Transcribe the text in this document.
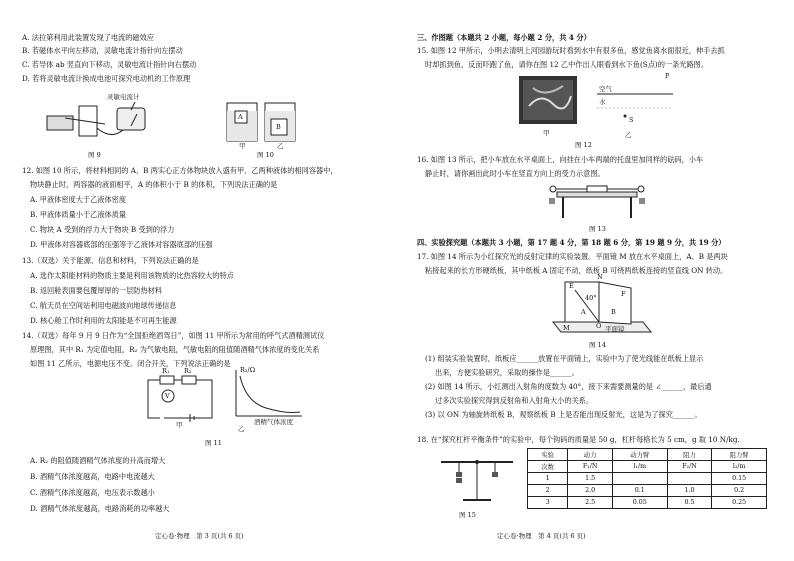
A. 法拉第利用此装置发现了电流的磁效应
B. 若磁体水平向左移动，灵敏电流计指针向左摆动
C. 若导体 ab 竖直向下移动，灵敏电流计指针向右摆动
D. 若将灵敏电流计换成电池可探究电动机的工作原理
灵敏电流计
图 9
A
B
甲	乙
图 10
12. 如图 10 所示，将材料相同的 A、B 两实心正方体物块放入盛有甲、乙两种液体的相同容器中，
物块静止时，两容器的液面相平，A 的体积小于 B 的体积，下列说法正确的是
A. 甲液体密度大于乙液体密度
B. 甲液体质量小于乙液体质量
C. 物块 A 受到的浮力大于物块 B 受到的浮力
D. 甲液体对容器底部的压强等于乙液体对容器底部的压强
13.（双选）关于能源、信息和材料，下列说法正确的是
A. 选作太阳能材料的物质主要是利用该物质的比热容较大的特点
B. 返回舱表面要包覆厚厚的一层防热材料
C. 航天员在空间站利用电磁波向地球传递信息
D. 核心舱工作时利用的太阳能是不可再生能源
14.（双选）每年 9 月 9 日作为“全国拒绝酒驾日”，如图 11 甲所示为常用的呼气式酒精测试仪
原理图，其中 R₁ 为定值电阻，R₂ 为气敏电阻，气敏电阻的阻值随酒精气体浓度的变化关系
如图 11 乙所示，电源电压不变。闭合开关，下列说法正确的是
R₁ R₂
V
甲
R₂/Ω
酒精气体浓度
乙
图 11
A. R₂ 的阻值随酒精气体浓度的升高而增大
B. 酒精气体浓度越高，电路中电流越大
C. 酒精气体浓度越高，电压表示数越小
D. 酒精气体浓度越高，电路消耗的功率越大
定心卷·物理　第 3 页(共 6 页)
三、作图题（本题共 2 小题，每小题 2 分，共 4 分）
15. 如图 12 甲所示，小明去清明上河园游玩时看到水中有很多鱼，感觉鱼离水面很近，伸手去抓
时却抓到鱼，反而吓跑了鱼，请你在图 12 乙中作出人眼看到水下鱼(S点)的一条光路图。
甲
空气
水
S
P
乙
图 12
16. 如图 13 所示，把小车放在水平桌面上，向挂在小车两端的托盘里加同样的砝码，小车
静止时，请你画出此时小车在竖直方向上的受力示意图。
图 13
四、实验探究题（本题共 3 小题，第 17 题 4 分，第 18 题 6 分，第 19 题 9 分，共 19 分）
17. 如图 14 所示为小红探究光的反射定律的实验装置。平面镜 M 放在水平桌面上，A、B 是两块
粘接起来的长方形硬纸板，其中纸板 A 固定不动，纸板 B 可绕两纸板连接的竖直线 ON 转动。
E
N
F
A	B
O
M
40°
平面镜
图 14
(1) 组装实验装置时，纸板应______放置在平面镜上，实验中为了使光线能在纸板上显示
出来，方便实验研究，采取的操作是______。
(2) 如图 14 所示，小红测出入射角的度数为 40°，接下来需要测量的是 ∠______，最后通
过多次实验探究得到反射角和入射角大小的关系。
(3) 以 ON 为轴旋转纸板 B，观察纸板 B 上是否能出现反射光，这是为了探究______。
18. 在“探究杠杆平衡条件”的实验中，每个钩码的质量是 50 g，杠杆每格长为 5 cm，g 取 10 N/kg.
图 15
实验	动力	动力臂	阻力	阻力臂
次数	F₁/N	l₁/m	F₂/N	l₂/m
1	1.5			0.15
2	2.0	0.1	1.0	0.2
3	2.5	0.05	0.5	0.25
定心卷·物理　第 4 页(共 6 页)
